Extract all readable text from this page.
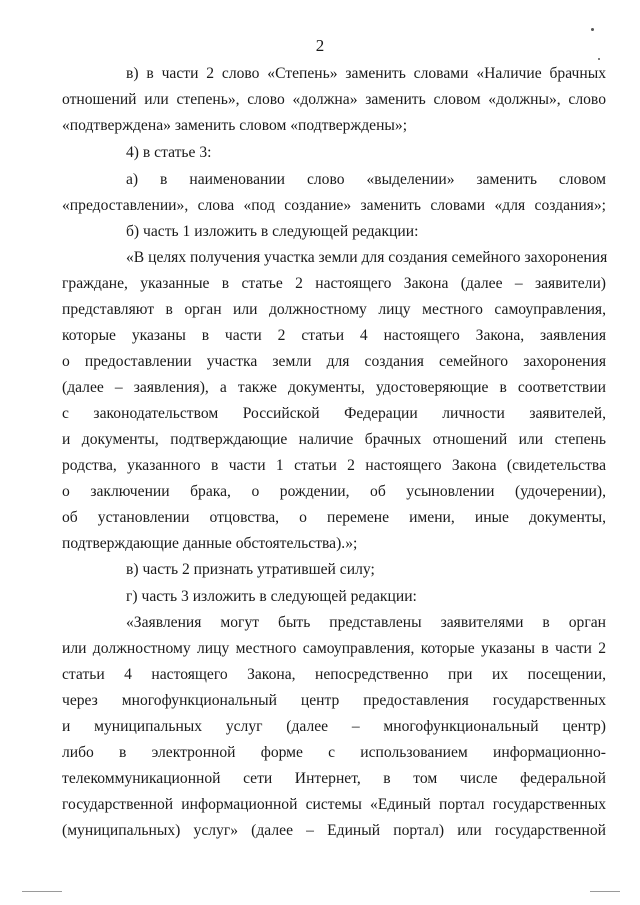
2
в) в части 2 слово «Степень» заменить словами «Наличие брачных
отношений или степень», слово «должна» заменить словом «должны», слово
«подтверждена» заменить словом «подтверждены»;
4) в статье 3:
а) в наименовании слово «выделении» заменить словом
«предоставлении», слова «под создание» заменить словами «для создания»;
б) часть 1 изложить в следующей редакции:
«В целях получения участка земли для создания семейного захоронения
граждане, указанные в статье 2 настоящего Закона (далее – заявители)
представляют в орган или должностному лицу местного самоуправления,
которые указаны в части 2 статьи 4 настоящего Закона, заявления
о предоставлении участка земли для создания семейного захоронения
(далее – заявления), а также документы, удостоверяющие в соответствии
с законодательством Российской Федерации личности заявителей,
и документы, подтверждающие наличие брачных отношений или степень
родства, указанного в части 1 статьи 2 настоящего Закона (свидетельства
о заключении брака, о рождении, об усыновлении (удочерении),
об установлении отцовства, о перемене имени, иные документы,
подтверждающие данные обстоятельства).»;
в) часть 2 признать утратившей силу;
г) часть 3 изложить в следующей редакции:
«Заявления могут быть представлены заявителями в орган
или должностному лицу местного самоуправления, которые указаны в части 2
статьи 4 настоящего Закона, непосредственно при их посещении,
через многофункциональный центр предоставления государственных
и муниципальных услуг (далее – многофункциональный центр)
либо в электронной форме с использованием информационно-
телекоммуникационной сети Интернет, в том числе федеральной
государственной информационной системы «Единый портал государственных
(муниципальных) услуг» (далее – Единый портал) или государственной
